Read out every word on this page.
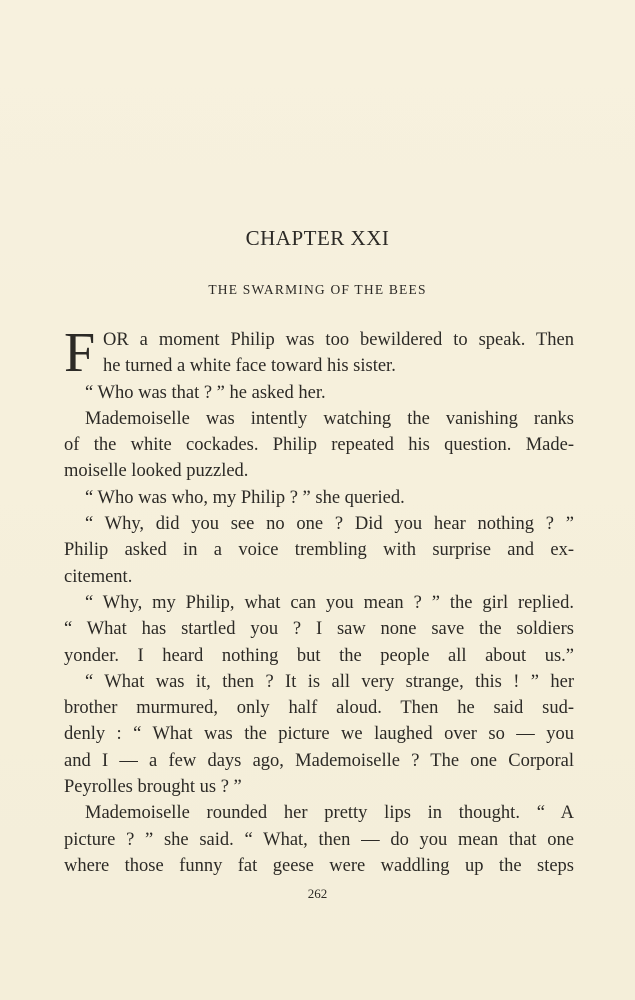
CHAPTER XXI
THE SWARMING OF THE BEES
F OR a moment Philip was too bewildered to speak. Then
he turned a white face toward his sister.
“ Who was that ? ” he asked her.
Mademoiselle was intently watching the vanishing ranks
of the white cockades. Philip repeated his question. Made-
moiselle looked puzzled.
“ Who was who, my Philip ? ” she queried.
“ Why, did you see no one ? Did you hear nothing ? ”
Philip asked in a voice trembling with surprise and ex-
citement.
“ Why, my Philip, what can you mean ? ” the girl replied.
“ What has startled you ? I saw none save the soldiers
yonder. I heard nothing but the people all about us.”
“ What was it, then ? It is all very strange, this ! ” her
brother murmured, only half aloud. Then he said sud-
denly : “ What was the picture we laughed over so — you
and I — a few days ago, Mademoiselle ? The one Corporal
Peyrolles brought us ? ”
Mademoiselle rounded her pretty lips in thought. “ A
picture ? ” she said. “ What, then — do you mean that one
where those funny fat geese were waddling up the steps
262
